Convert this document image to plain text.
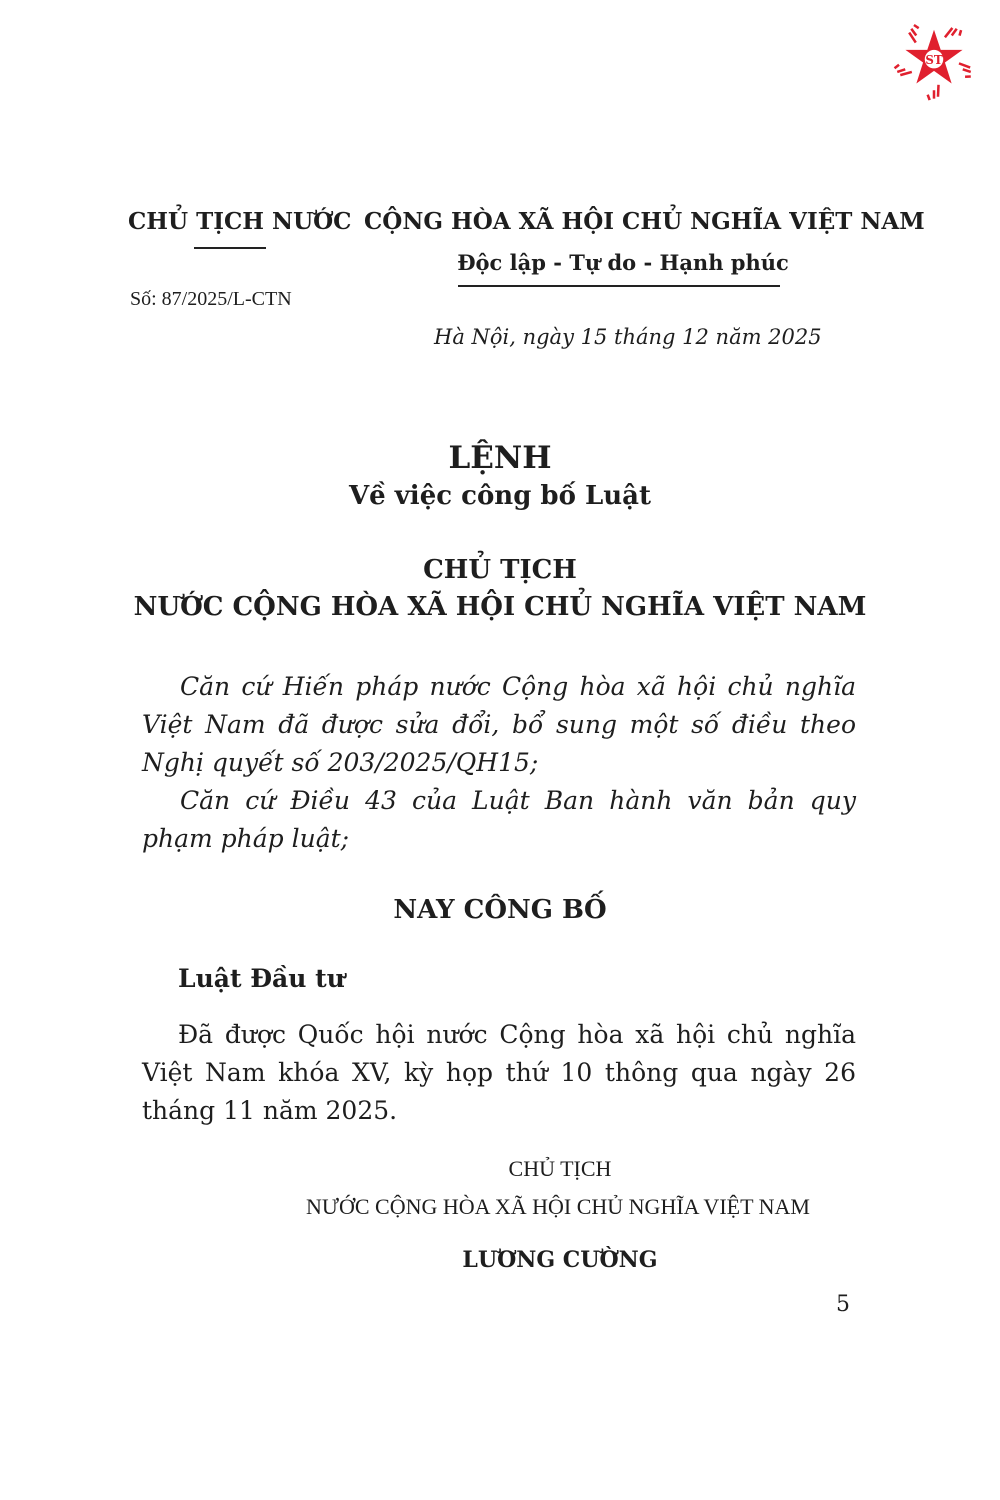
ST
CHỦ TỊCH NƯỚC
Số: 87/2025/L-CTN
CỘNG HÒA XÃ HỘI CHỦ NGHĨA VIỆT NAM
Độc lập - Tự do - Hạnh phúc
Hà Nội, ngày 15 tháng 12 năm 2025
LỆNH
Về việc công bố Luật
CHỦ TỊCH
NƯỚC CỘNG HÒA XÃ HỘI CHỦ NGHĨA VIỆT NAM
Căn cứ Hiến pháp nước Cộng hòa xã hội chủ nghĩa Việt Nam đã được sửa đổi, bổ sung một số điều theo Nghị quyết số 203/2025/QH15;
Căn cứ Điều 43 của Luật Ban hành văn bản quy phạm pháp luật;
NAY CÔNG BỐ
Luật Đầu tư
Đã được Quốc hội nước Cộng hòa xã hội chủ nghĩa Việt Nam khóa XV, kỳ họp thứ 10 thông qua ngày 26 tháng 11 năm 2025.
CHỦ TỊCH
NƯỚC CỘNG HÒA XÃ HỘI CHỦ NGHĨA VIỆT NAM
LƯƠNG CƯỜNG
5
